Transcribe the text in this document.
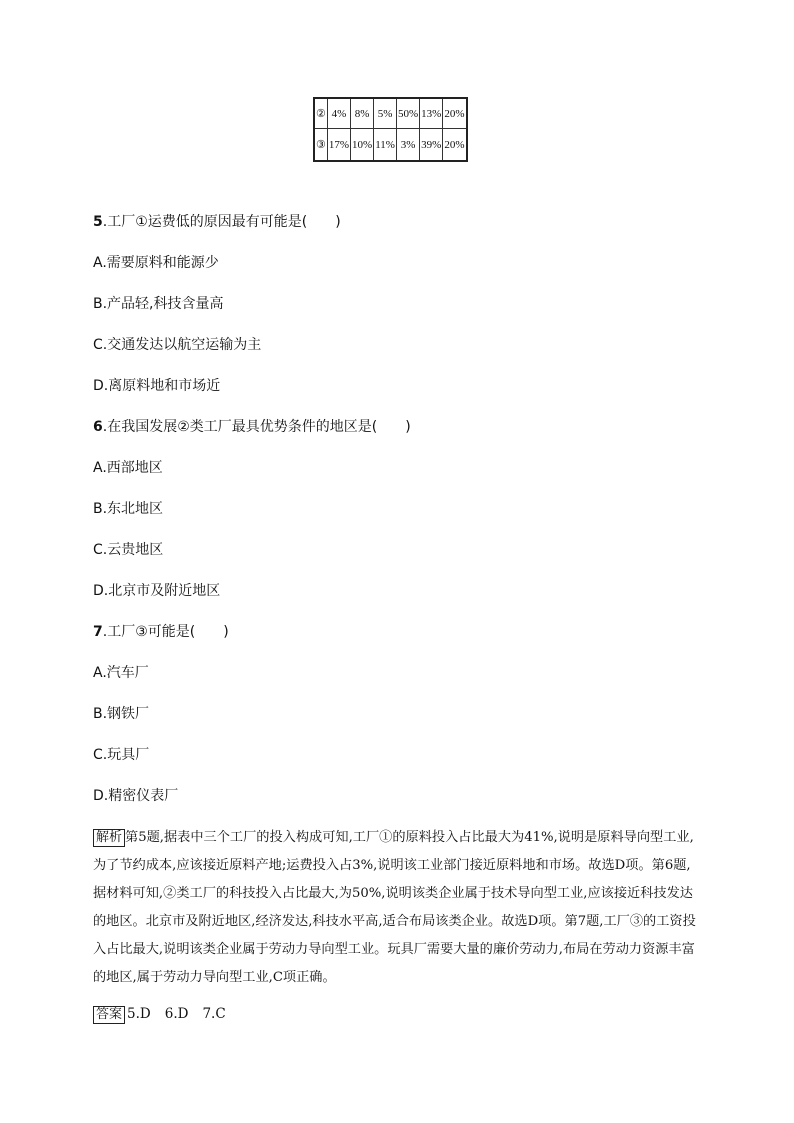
②	4%	8%	5%	50%	13%	20%
③	17%	10%	11%	3%	39%	20%
5.工厂①运费低的原因最有可能是(　　)
A.需要原料和能源少
B.产品轻,科技含量高
C.交通发达以航空运输为主
D.离原料地和市场近
6.在我国发展②类工厂最具优势条件的地区是(　　)
A.西部地区
B.东北地区
C.云贵地区
D.北京市及附近地区
7.工厂③可能是(　　)
A.汽车厂
B.钢铁厂
C.玩具厂
D.精密仪表厂
解析 第5题,据表中三个工厂的投入构成可知,工厂①的原料投入占比最大为41%,说明是原料导向型工业,为了节约成本,应该接近原料产地;运费投入占3%,说明该工业部门接近原料地和市场。故选D项。第6题,据材料可知,②类工厂的科技投入占比最大,为50%,说明该类企业属于技术导向型工业,应该接近科技发达的地区。北京市及附近地区,经济发达,科技水平高,适合布局该类企业。故选D项。第7题,工厂③的工资投入占比最大,说明该类企业属于劳动力导向型工业。玩具厂需要大量的廉价劳动力,布局在劳动力资源丰富的地区,属于劳动力导向型工业,C项正确。
答案 5.D 6.D 7.C
